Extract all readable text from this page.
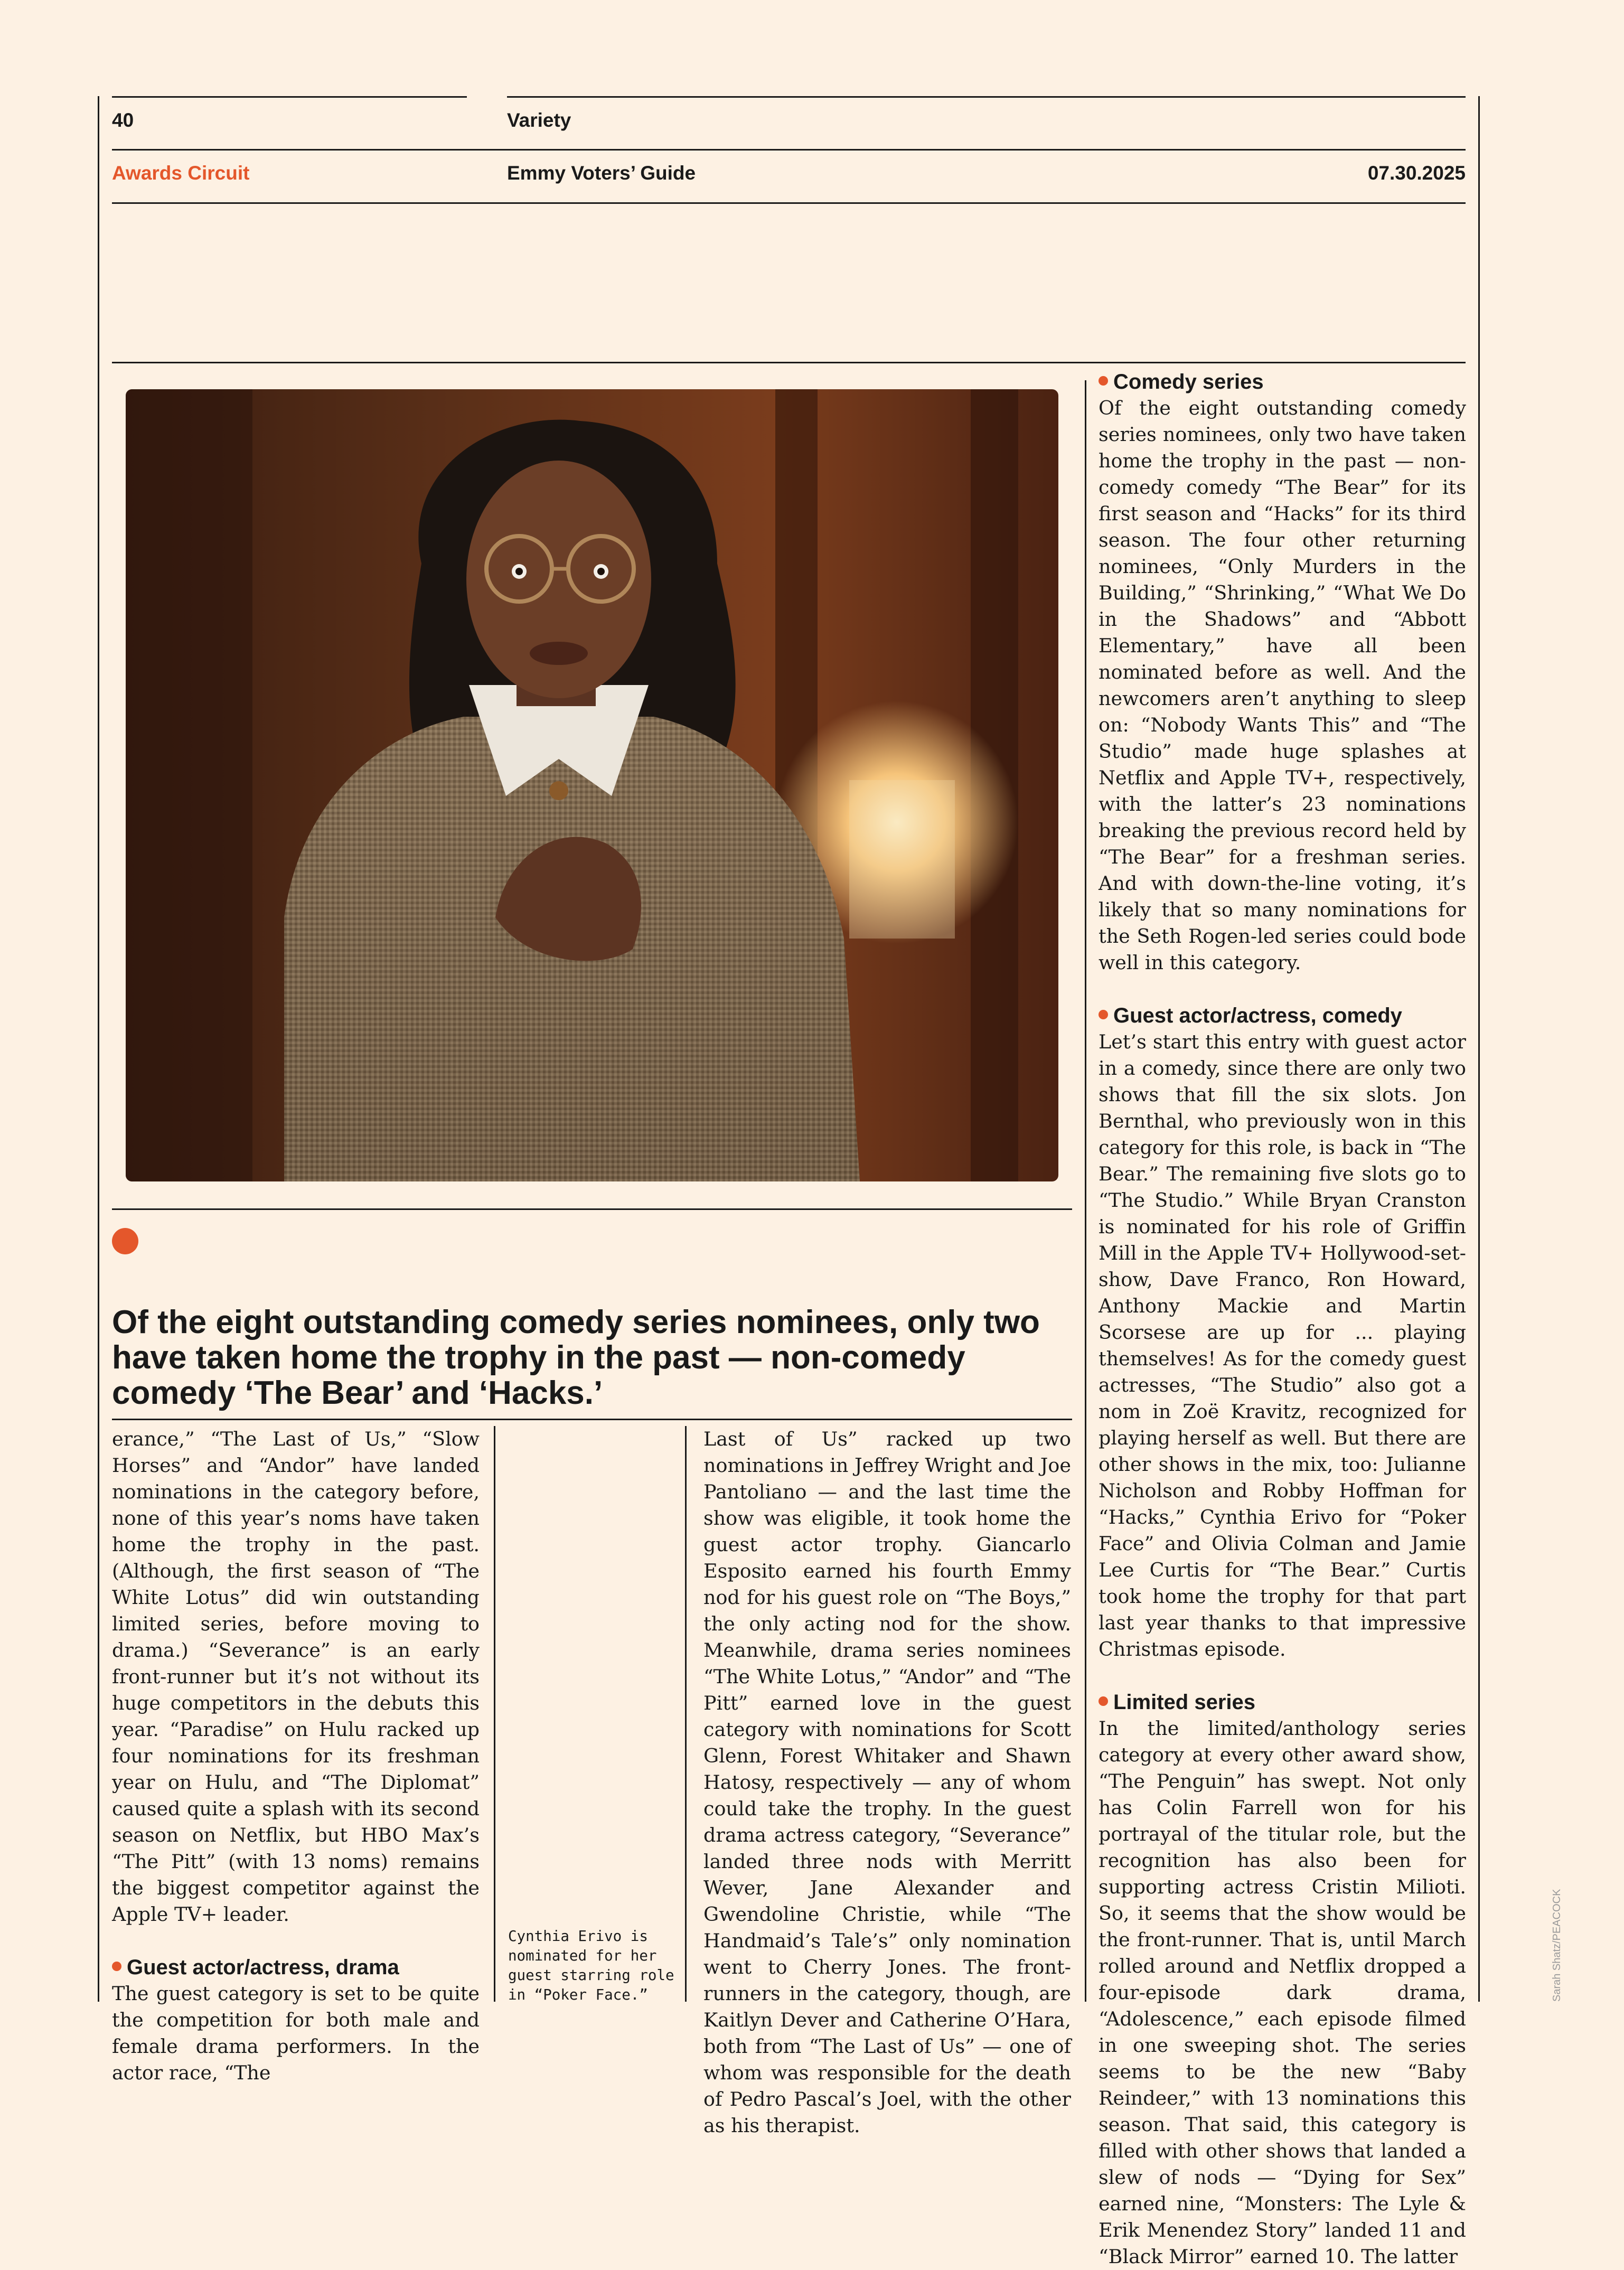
40	Variety
Awards Circuit	Emmy Voters’ Guide	07.30.2025

Of the eight outstanding comedy series nominees, only two have taken home the trophy in the past — non-comedy comedy ‘The Bear’ and ‘Hacks.’

erance,” “The Last of Us,” “Slow Horses” and “Andor” have landed nominations in the category before, none of this year’s noms have taken home the trophy in the past. (Although, the first season of “The White Lotus” did win outstanding limited series, before moving to drama.) “Severance” is an early front-runner but it’s not without its huge competitors in the debuts this year. “Paradise” on Hulu racked up four nominations for its freshman year on Hulu, and “The Diplomat” caused quite a splash with its second season on Netflix, but HBO Max’s “The Pitt” (with 13 noms) remains the biggest competitor against the Apple TV+ leader.

Guest actor/actress, drama

The guest category is set to be quite the competition for both male and female drama performers. In the actor race, “The

Cynthia Erivo is nominated for her guest starring role in “Poker Face.”

Last of Us” racked up two nominations in Jeffrey Wright and Joe Pantoliano — and the last time the show was eligible, it took home the guest actor trophy. Giancarlo Esposito earned his fourth Emmy nod for his guest role on “The Boys,” the only acting nod for the show. Meanwhile, drama series nominees “The White Lotus,” “Andor” and “The Pitt” earned love in the guest category with nominations for Scott Glenn, Forest Whitaker and Shawn Hatosy, respectively — any of whom could take the trophy. In the guest drama actress category, “Severance” landed three nods with Merritt Wever, Jane Alexander and Gwendoline Christie, while “The Handmaid’s Tale’s” only nomination went to Cherry Jones. The front-runners in the category, though, are Kaitlyn Dever and Catherine O’Hara, both from “The Last of Us” — one of whom was responsible for the death of Pedro Pascal’s Joel, with the other as his therapist.

Comedy series

Of the eight outstanding comedy series nominees, only two have taken home the trophy in the past — non-comedy comedy “The Bear” for its first season and “Hacks” for its third season. The four other returning nominees, “Only Murders in the Building,” “Shrinking,” “What We Do in the Shadows” and “Abbott Elementary,” have all been nominated before as well. And the newcomers aren’t anything to sleep on: “Nobody Wants This” and “The Studio” made huge splashes at Netflix and Apple TV+, respectively, with the latter’s 23 nominations breaking the previous record held by “The Bear” for a freshman series. And with down-the-line voting, it’s likely that so many nominations for the Seth Rogen-led series could bode well in this category.

Guest actor/actress, comedy

Let’s start this entry with guest actor in a comedy, since there are only two shows that fill the six slots. Jon Bernthal, who previously won in this category for this role, is back in “The Bear.” The remaining five slots go to “The Studio.” While Bryan Cranston is nominated for his role of Griffin Mill in the Apple TV+ Hollywood-set-show, Dave Franco, Ron Howard, Anthony Mackie and Martin Scorsese are up for ... playing themselves! As for the comedy guest actresses, “The Studio” also got a nom in Zoë Kravitz, recognized for playing herself as well. But there are other shows in the mix, too: Julianne Nicholson and Robby Hoffman for “Hacks,” Cynthia Erivo for “Poker Face” and Olivia Colman and Jamie Lee Curtis for “The Bear.” Curtis took home the trophy for that part last year thanks to that impressive Christmas episode.

Limited series

In the limited/anthology series category at every other award show, “The Penguin” has swept. Not only has Colin Farrell won for his portrayal of the titular role, but the recognition has also been for supporting actress Cristin Milioti. So, it seems that the show would be the front-runner. That is, until March rolled around and Netflix dropped a four-episode dark drama, “Adolescence,” each episode filmed in one sweeping shot. The series seems to be the new “Baby Reindeer,” with 13 nominations this season. That said, this category is filled with other shows that landed a slew of nods — “Dying for Sex” earned nine, “Monsters: The Lyle & Erik Menendez Story” landed 11 and “Black Mirror” earned 10. The latter

Sarah Shatz/PEACOCK
